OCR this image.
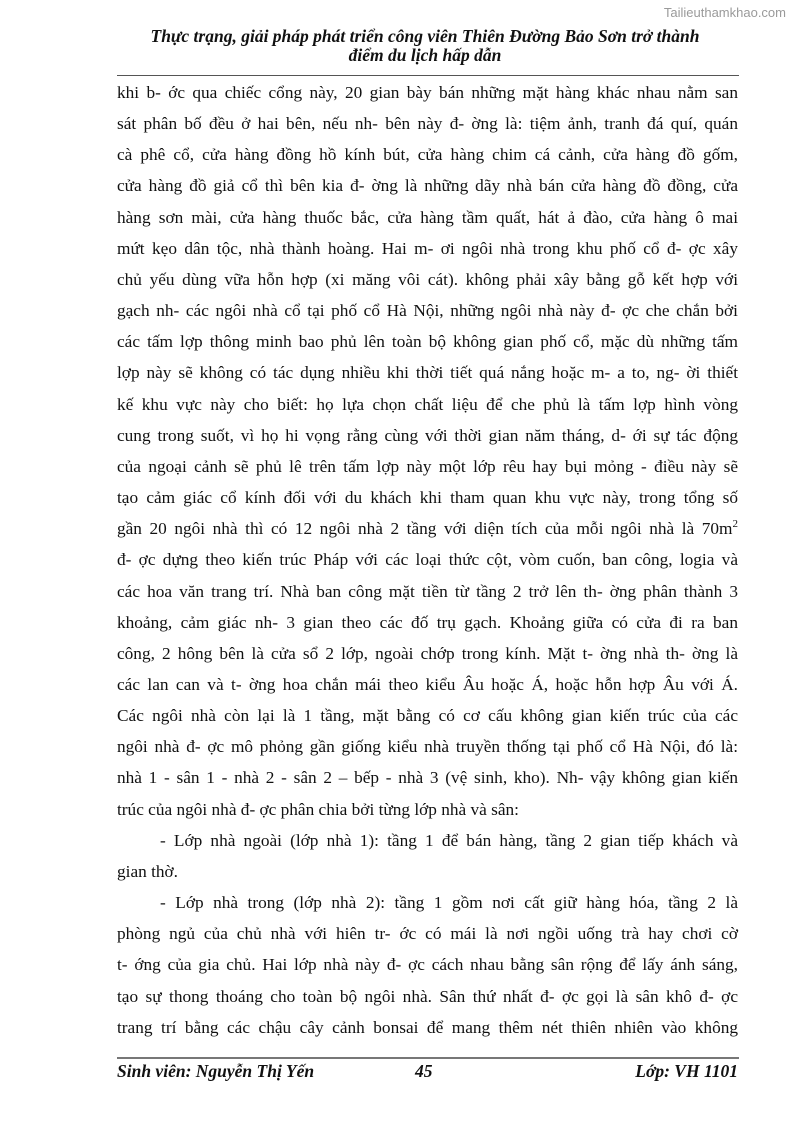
Tailieuthamkhao.com
Thực trạng, giải pháp phát triển công viên Thiên Đường Bảo Sơn trở thành
điểm du lịch hấp dẫn
khi b- ớc qua chiếc cổng này, 20 gian bày bán những mặt hàng khác nhau nằm san
sát phân bố đều ở hai bên, nếu nh- bên này đ- ờng là: tiệm ảnh, tranh đá quí, quán
cà phê cổ, cửa hàng đồng hồ kính bút, cửa hàng chim cá cảnh, cửa hàng đồ gốm,
cửa hàng đồ giả cổ thì bên kia đ- ờng là những dãy nhà bán cửa hàng đồ đồng, cửa
hàng sơn mài, cửa hàng thuốc bắc, cửa hàng tầm quất, hát ả đào, cửa hàng ô mai
mứt kẹo dân tộc, nhà thành hoàng. Hai m- ơi ngôi nhà trong khu phố cổ đ- ợc xây
chủ yếu dùng vữa hỗn hợp (xi măng vôi cát). không phải xây bằng gỗ kết hợp với
gạch nh- các ngôi nhà cổ tại phố cổ Hà Nội, những ngôi nhà này đ- ợc che chắn bởi
các tấm lợp thông minh bao phủ lên toàn bộ không gian phố cổ, mặc dù những tấm
lợp này sẽ không có tác dụng nhiều khi thời tiết quá nắng hoặc m- a to, ng- ời thiết
kế khu vực này cho biết: họ lựa chọn chất liệu để che phủ là tấm lợp hình vòng
cung trong suốt, vì họ hi vọng rằng cùng với thời gian năm tháng, d- ới sự tác động
của ngoại cảnh sẽ phủ lê trên tấm lợp này một lớp rêu hay bụi mỏng - điều này sẽ
tạo cảm giác cổ kính đối với du khách khi tham quan khu vực này, trong tổng số
gần 20 ngôi nhà thì có 12 ngôi nhà 2 tầng với diện tích của mỗi ngôi nhà là $70m^2$
đ- ợc dựng theo kiến trúc Pháp với các loại thức cột, vòm cuốn, ban công, logia và
các hoa văn trang trí. Nhà ban công mặt tiền từ tầng 2 trở lên th- ờng phân thành 3
khoảng, cảm giác nh- 3 gian theo các đố trụ gạch. Khoảng giữa có cửa đi ra ban
công, 2 hông bên là cửa sổ 2 lớp, ngoài chớp trong kính. Mặt t- ờng nhà th- ờng là
các lan can và t- ờng hoa chắn mái theo kiểu Âu hoặc Á, hoặc hỗn hợp Âu với Á.
Các ngôi nhà còn lại là 1 tầng, mặt bằng có cơ cấu không gian kiến trúc của các
ngôi nhà đ- ợc mô phỏng gần giống kiểu nhà truyền thống tại phố cổ Hà Nội, đó là:
nhà 1 - sân 1 - nhà 2 - sân 2 – bếp - nhà 3 (vệ sinh, kho). Nh- vậy không gian kiến
trúc của ngôi nhà đ- ợc phân chia bởi từng lớp nhà và sân:
- Lớp nhà ngoài (lớp nhà 1): tầng 1 để bán hàng, tầng 2 gian tiếp khách và
gian thờ.
- Lớp nhà trong (lớp nhà 2): tầng 1 gồm nơi cất giữ hàng hóa, tầng 2 là
phòng ngủ của chủ nhà với hiên tr- ớc có mái là nơi ngồi uống trà hay chơi cờ
t- ớng của gia chủ. Hai lớp nhà này đ- ợc cách nhau bằng sân rộng để lấy ánh sáng,
tạo sự thong thoáng cho toàn bộ ngôi nhà. Sân thứ nhất đ- ợc gọi là sân khô đ- ợc
trang trí bằng các chậu cây cảnh bonsai để mang thêm nét thiên nhiên vào không
Sinh viên: Nguyễn Thị Yến	45	Lớp: VH 1101
